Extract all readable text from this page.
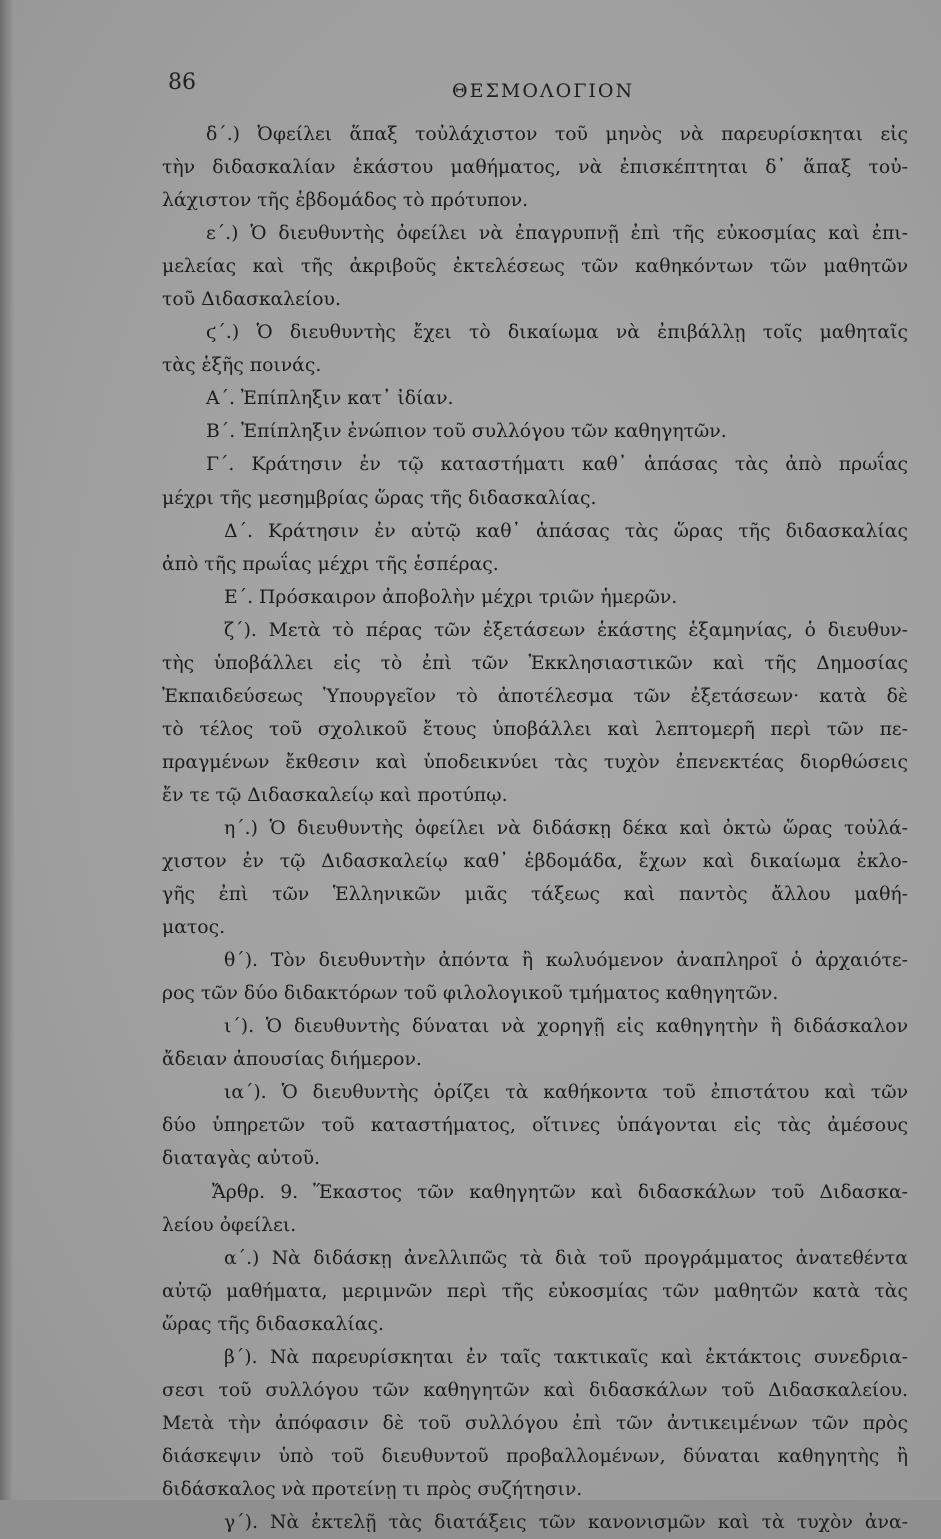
86	ΘΕΣΜΟΛΟΓΙΟΝ
δ΄.) Ὀφείλει ἅπαξ τοὐλάχιστον τοῦ μηνὸς νὰ παρευρίσκηται εἰς
τὴν διδασκαλίαν ἑκάστου μαθήματος, νὰ ἐπισκέπτηται δ᾽ ἅπαξ τοὐ-
λάχιστον τῆς ἑβδομάδος τὸ πρότυπον.
ε΄.) Ὁ διευθυντὴς ὀφείλει νὰ ἐπαγρυπνῇ ἐπὶ τῆς εὐκοσμίας καὶ ἐπι-
μελείας καὶ τῆς ἀκριβοῦς ἐκτελέσεως τῶν καθηκόντων τῶν μαθητῶν
τοῦ Διδασκαλείου.
ϛ΄.) Ὁ διευθυντὴς ἔχει τὸ δικαίωμα νὰ ἐπιβάλλῃ τοῖς μαθηταῖς
τὰς ἑξῆς ποινάς.
Α΄. Ἐπίπληξιν κατ᾽ ἰδίαν.
Β΄. Ἐπίπληξιν ἐνώπιον τοῦ συλλόγου τῶν καθηγητῶν.
Γ΄. Κράτησιν ἐν τῷ καταστήματι καθ᾽ ἁπάσας τὰς ἀπὸ πρωΐας
μέχρι τῆς μεσημβρίας ὥρας τῆς διδασκαλίας.
Δ΄. Κράτησιν ἐν αὐτῷ καθ᾽ ἁπάσας τὰς ὥρας τῆς διδασκαλίας
ἀπὸ τῆς πρωΐας μέχρι τῆς ἑσπέρας.
Ε΄. Πρόσκαιρον ἀποβολὴν μέχρι τριῶν ἡμερῶν.
ζ΄). Μετὰ τὸ πέρας τῶν ἐξετάσεων ἑκάστης ἑξαμηνίας, ὁ διευθυν-
τὴς ὑποβάλλει εἰς τὸ ἐπὶ τῶν Ἐκκλησιαστικῶν καὶ τῆς Δημοσίας
Ἐκπαιδεύσεως Ὑπουργεῖον τὸ ἀποτέλεσμα τῶν ἐξετάσεων· κατὰ δὲ
τὸ τέλος τοῦ σχολικοῦ ἔτους ὑποβάλλει καὶ λεπτομερῆ περὶ τῶν πε-
πραγμένων ἔκθεσιν καὶ ὑποδεικνύει τὰς τυχὸν ἐπενεκτέας διορθώσεις
ἔν τε τῷ Διδασκαλείῳ καὶ προτύπῳ.
η΄.) Ὁ διευθυντὴς ὀφείλει νὰ διδάσκῃ δέκα καὶ ὀκτὼ ὥρας τοὐλά-
χιστον ἐν τῷ Διδασκαλείῳ καθ᾽ ἑβδομάδα, ἔχων καὶ δικαίωμα ἐκλο-
γῆς ἐπὶ τῶν Ἑλληνικῶν μιᾶς τάξεως καὶ παντὸς ἄλλου μαθή-
ματος.
θ΄). Τὸν διευθυντὴν ἀπόντα ἢ κωλυόμενον ἀναπληροῖ ὁ ἀρχαιότε-
ρος τῶν δύο διδακτόρων τοῦ φιλολογικοῦ τμήματος καθηγητῶν.
ι΄). Ὁ διευθυντὴς δύναται νὰ χορηγῇ εἰς καθηγητὴν ἢ διδάσκαλον
ἄδειαν ἀπουσίας διήμερον.
ια΄). Ὁ διευθυντὴς ὁρίζει τὰ καθήκοντα τοῦ ἐπιστάτου καὶ τῶν
δύο ὑπηρετῶν τοῦ καταστήματος, οἵτινες ὑπάγονται εἰς τὰς ἀμέσους
διαταγὰς αὐτοῦ.
Ἄρθρ. 9. Ἕκαστος τῶν καθηγητῶν καὶ διδασκάλων τοῦ Διδασκα-
λείου ὀφείλει.
α΄.) Νὰ διδάσκῃ ἀνελλιπῶς τὰ διὰ τοῦ προγράμματος ἀνατεθέντα
αὐτῷ μαθήματα, μεριμνῶν περὶ τῆς εὐκοσμίας τῶν μαθητῶν κατὰ τὰς
ὥρας τῆς διδασκαλίας.
β΄). Νὰ παρευρίσκηται ἐν ταῖς τακτικαῖς καὶ ἐκτάκτοις συνεδρια-
σεσι τοῦ συλλόγου τῶν καθηγητῶν καὶ διδασκάλων τοῦ Διδασκαλείου.
Μετὰ τὴν ἀπόφασιν δὲ τοῦ συλλόγου ἐπὶ τῶν ἀντικειμένων τῶν πρὸς
διάσκεψιν ὑπὸ τοῦ διευθυντοῦ προβαλλομένων, δύναται καθηγητὴς ἢ
διδάσκαλος νὰ προτείνῃ τι πρὸς συζήτησιν.
γ΄). Νὰ ἐκτελῇ τὰς διατάξεις τῶν κανονισμῶν καὶ τὰ τυχὸν ἀνα-
